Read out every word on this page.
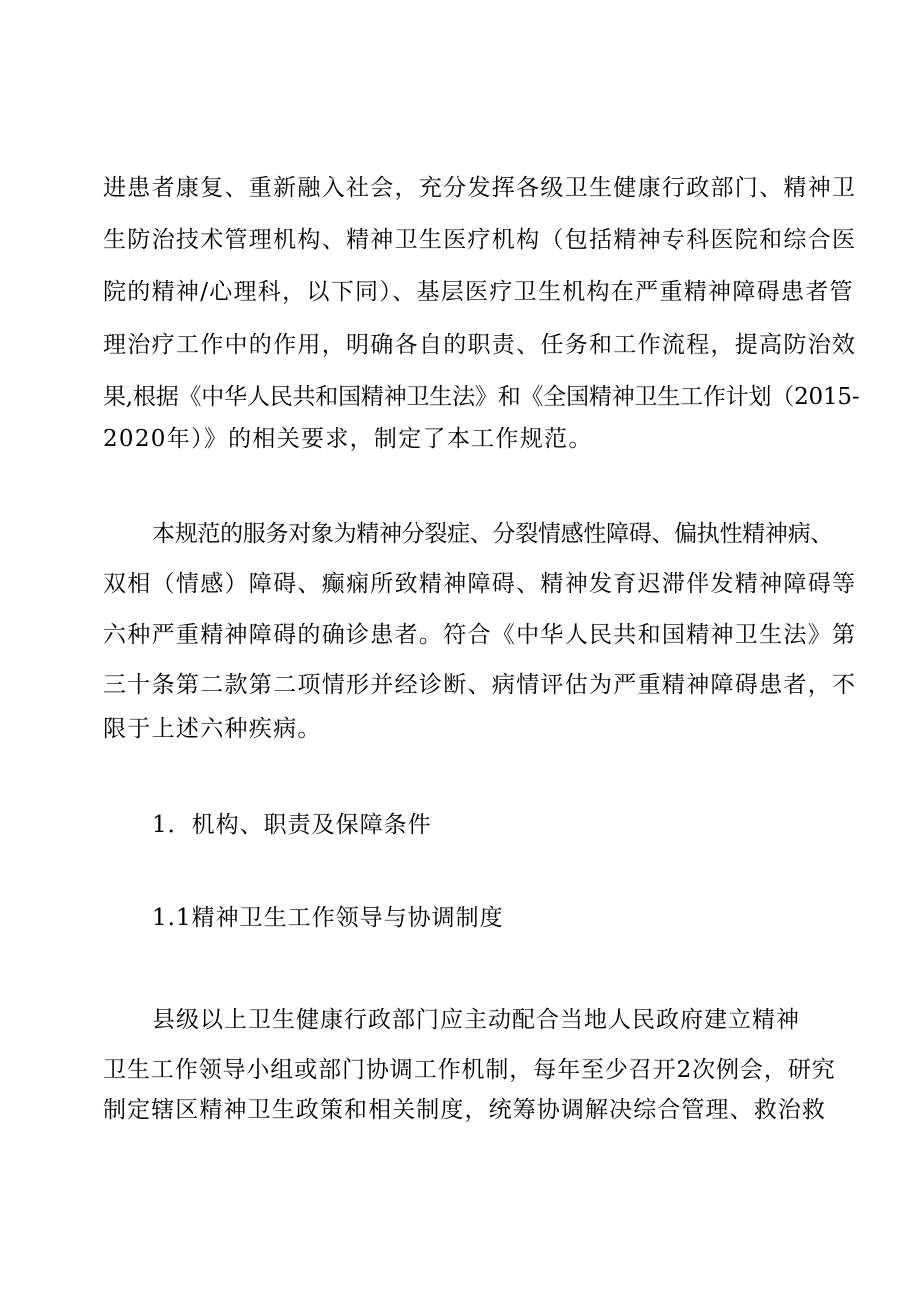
进患者康复、重新融入社会，充分发挥各级卫生健康行政部门、精神卫
生防治技术管理机构、精神卫生医疗机构（包括精神专科医院和综合医
院的精神/心理科，以下同）、基层医疗卫生机构在严重精神障碍患者管
理治疗工作中的作用，明确各自的职责、任务和工作流程，提高防治效
果,根据《中华人民共和国精神卫生法》和《全国精神卫生工作计划（2015-
2020年）》的相关要求，制定了本工作规范。
本规范的服务对象为精神分裂症、分裂情感性障碍、偏执性精神病、
双相（情感）障碍、癫痫所致精神障碍、精神发育迟滞伴发精神障碍等
六种严重精神障碍的确诊患者。符合《中华人民共和国精神卫生法》第
三十条第二款第二项情形并经诊断、病情评估为严重精神障碍患者，不
限于上述六种疾病。
1．机构、职责及保障条件
1.1精神卫生工作领导与协调制度
县级以上卫生健康行政部门应主动配合当地人民政府建立精神
卫生工作领导小组或部门协调工作机制，每年至少召开2次例会，研究
制定辖区精神卫生政策和相关制度，统筹协调解决综合管理、救治救
